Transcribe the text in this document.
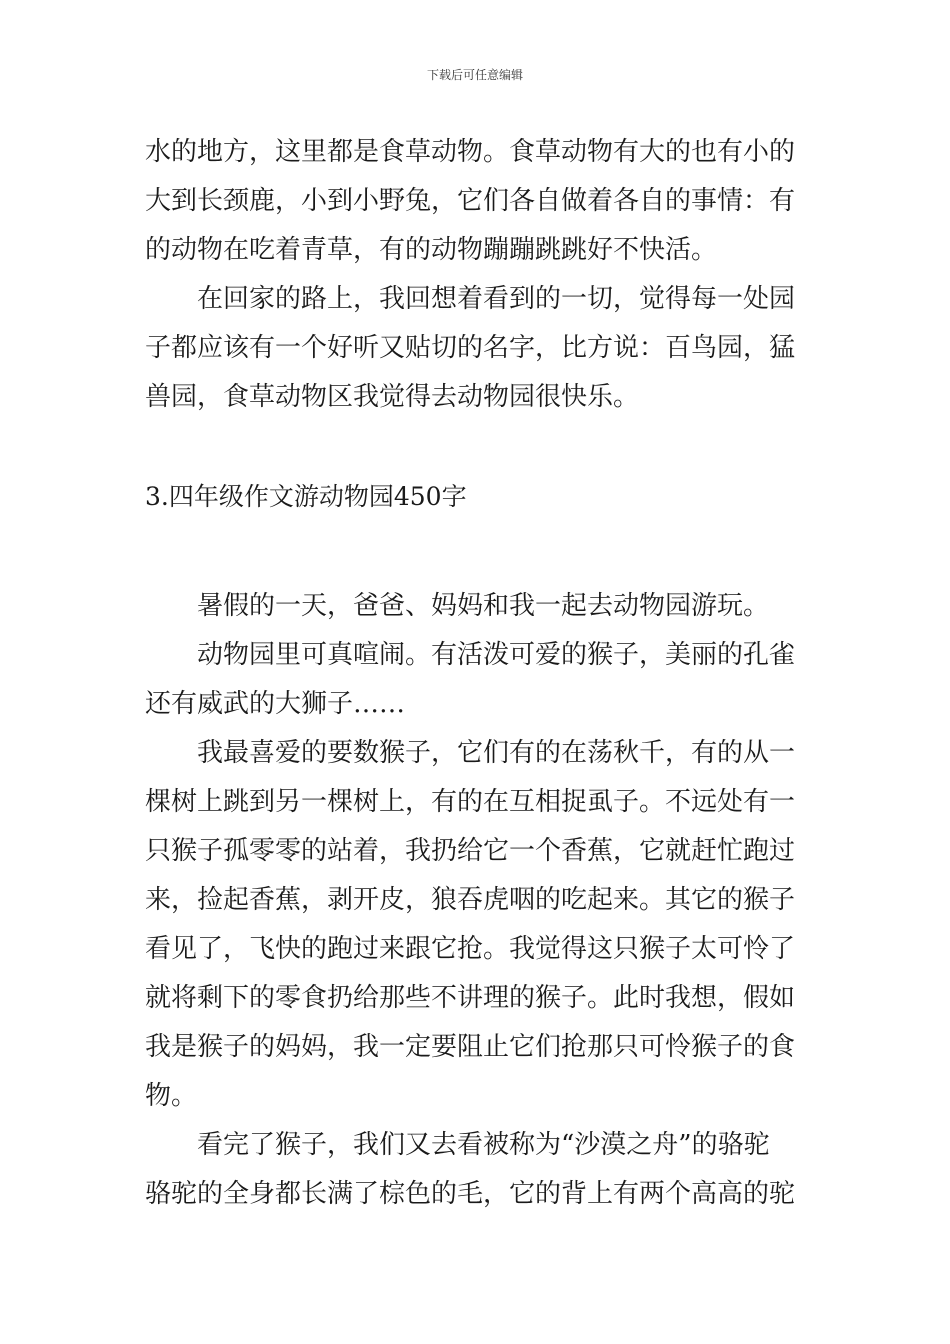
下载后可任意编辑
水的地方，这里都是食草动物。食草动物有大的也有小的
大到长颈鹿，小到小野兔，它们各自做着各自的事情：有
的动物在吃着青草，有的动物蹦蹦跳跳好不快活。
在回家的路上，我回想着看到的一切，觉得每一处园
子都应该有一个好听又贴切的名字，比方说：百鸟园，猛
兽园，食草动物区我觉得去动物园很快乐。
3.四年级作文游动物园450字
暑假的一天，爸爸、妈妈和我一起去动物园游玩。
动物园里可真喧闹。有活泼可爱的猴子，美丽的孔雀
还有威武的大狮子……
我最喜爱的要数猴子，它们有的在荡秋千，有的从一
棵树上跳到另一棵树上，有的在互相捉虱子。不远处有一
只猴子孤零零的站着，我扔给它一个香蕉，它就赶忙跑过
来，捡起香蕉，剥开皮，狼吞虎咽的吃起来。其它的猴子
看见了，飞快的跑过来跟它抢。我觉得这只猴子太可怜了
就将剩下的零食扔给那些不讲理的猴子。此时我想，假如
我是猴子的妈妈，我一定要阻止它们抢那只可怜猴子的食
物。
看完了猴子，我们又去看被称为“沙漠之舟”的骆驼
骆驼的全身都长满了棕色的毛，它的背上有两个高高的驼
